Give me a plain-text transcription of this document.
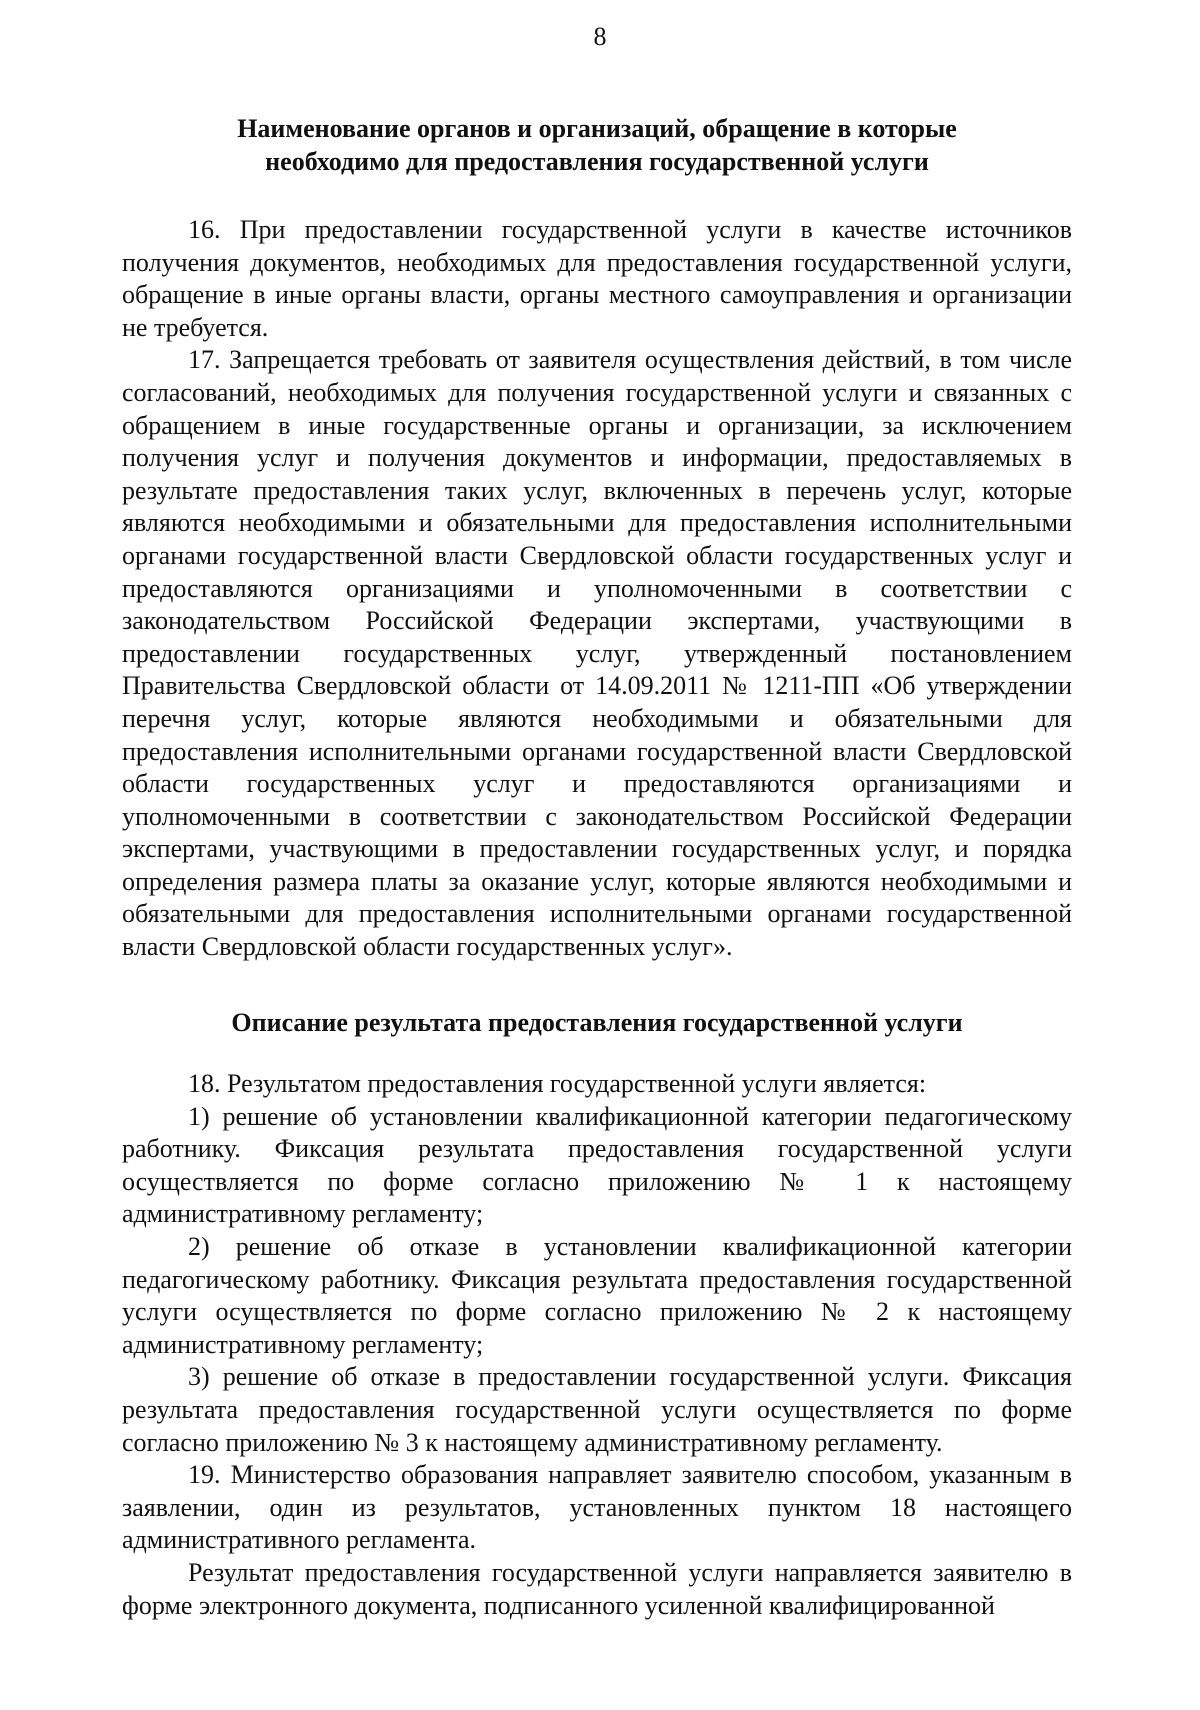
8
Наименование органов и организаций, обращение в которые
необходимо для предоставления государственной услуги

16. При предоставлении государственной услуги в качестве источников получения документов, необходимых для предоставления государственной услуги, обращение в иные органы власти, органы местного самоуправления и организации не требуется.

17. Запрещается требовать от заявителя осуществления действий, в том числе согласований, необходимых для получения государственной услуги и связанных с обращением в иные государственные органы и организации, за исключением получения услуг и получения документов и информации, предоставляемых в результате предоставления таких услуг, включенных в перечень услуг, которые являются необходимыми и обязательными для предоставления исполнительными органами государственной власти Свердловской области государственных услуг и предоставляются организациями и уполномоченными в соответствии с законодательством Российской Федерации экспертами, участвующими в предоставлении государственных услуг, утвержденный постановлением Правительства Свердловской области от 14.09.2011 № 1211-ПП «Об утверждении перечня услуг, которые являются необходимыми и обязательными для предоставления исполнительными органами государственной власти Свердловской области государственных услуг и предоставляются организациями и уполномоченными в соответствии с законодательством Российской Федерации экспертами, участвующими в предоставлении государственных услуг, и порядка определения размера платы за оказание услуг, которые являются необходимыми и обязательными для предоставления исполнительными органами государственной власти Свердловской области государственных услуг».

Описание результата предоставления государственной услуги

18. Результатом предоставления государственной услуги является:

1) решение об установлении квалификационной категории педагогическому работнику. Фиксация результата предоставления государственной услуги осуществляется по форме согласно приложению № 1 к настоящему административному регламенту;

2) решение об отказе в установлении квалификационной категории педагогическому работнику. Фиксация результата предоставления государственной услуги осуществляется по форме согласно приложению № 2 к настоящему административному регламенту;

3) решение об отказе в предоставлении государственной услуги. Фиксация результата предоставления государственной услуги осуществляется по форме согласно приложению № 3 к настоящему административному регламенту.

19. Министерство образования направляет заявителю способом, указанным в заявлении, один из результатов, установленных пунктом 18 настоящего административного регламента.

Результат предоставления государственной услуги направляется заявителю в форме электронного документа, подписанного усиленной квалифицированной
